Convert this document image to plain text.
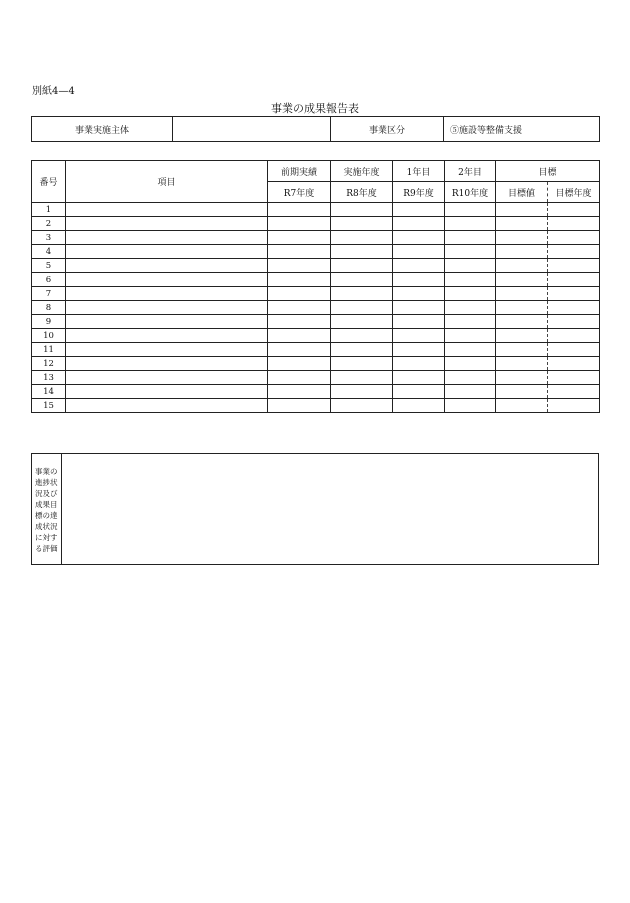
別紙4—4
事業の成果報告表
事業実施主体		事業区分	⑤施設等整備支援
番号	項目	前期実績	実施年度	1年目	2年目	目標	
		R7年度	R8年度	R9年度	R10年度	目標値	目標年度
1							
2							
3							
4							
5							
6							
7							
8							
9							
10							
11							
12							
13							
14							
15							
事業の進捗状況及び成果目標の達成状況に対する評価
